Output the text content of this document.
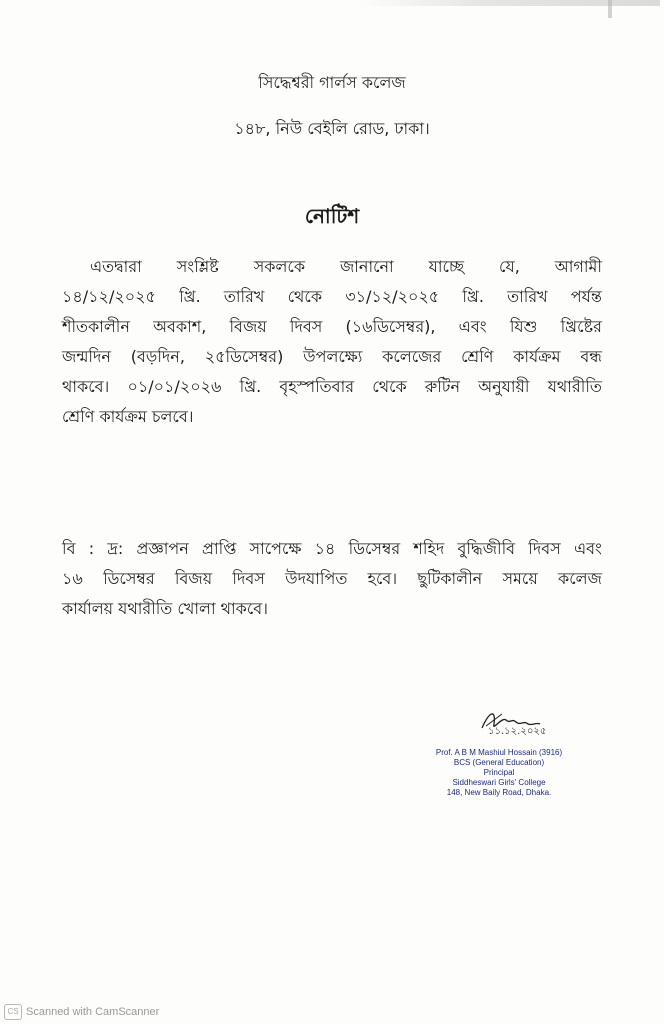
সিদ্ধেশ্বরী গার্লস কলেজ
১৪৮, নিউ বেইলি রোড, ঢাকা।
নোটিশ
এতদ্বারা সংশ্লিষ্ট সকলকে জানানো যাচ্ছে যে, আগামী
১৪/১২/২০২৫ খ্রি. তারিখ থেকে ৩১/১২/২০২৫ খ্রি. তারিখ পর্যন্ত
শীতকালীন অবকাশ, বিজয় দিবস (১৬ডিসেম্বর), এবং যিশু খ্রিষ্টের
জন্মদিন (বড়দিন, ২৫ডিসেম্বর) উপলক্ষ্যে কলেজের শ্রেণি কার্যক্রম বন্ধ
থাকবে। ০১/০১/২০২৬ খ্রি. বৃহস্পতিবার থেকে রুটিন অনুযায়ী যথারীতি
শ্রেণি কার্যক্রম চলবে।
বি : দ্র: প্রজ্ঞাপন প্রাপ্তি সাপেক্ষে ১৪ ডিসেম্বর শহিদ বুদ্ধিজীবি দিবস এবং
১৬ ডিসেম্বর বিজয় দিবস উদযাপিত হবে। ছুটিকালীন সময়ে কলেজ
কার্যালয় যথারীতি খোলা থাকবে।
১১.১২.২০২৫
Prof. A B M Mashiul Hossain (3916)
BCS (General Education)
Principal
Siddheswari Girls' College
148, New Baily Road, Dhaka.
CS Scanned with CamScanner
